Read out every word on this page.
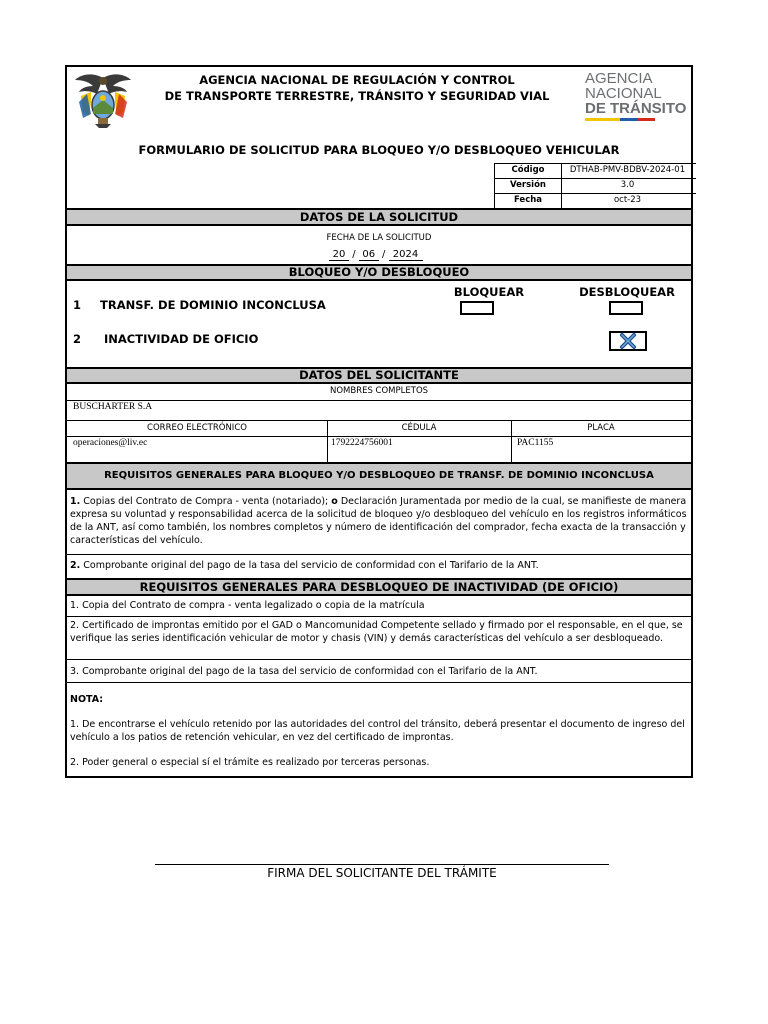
AGENCIA NACIONAL DE REGULACIÓN Y CONTROL
DE TRANSPORTE TERRESTRE, TRÁNSITO Y SEGURIDAD VIAL
AGENCIA
NACIONAL
DE TRÁNSITO
FORMULARIO DE SOLICITUD PARA BLOQUEO Y/O DESBLOQUEO VEHICULAR
Código	DTHAB-PMV-BDBV-2024-01
Versión	3.0
Fecha	oct-23
DATOS DE LA SOLICITUD
FECHA DE LA SOLICITUD
20 / 06 / 2024
BLOQUEO Y/O DESBLOQUEO
BLOQUEAR	DESBLOQUEAR
1 TRANSF. DE DOMINIO INCONCLUSA
2 INACTIVIDAD DE OFICIO
DATOS DEL SOLICITANTE
NOMBRES COMPLETOS
BUSCHARTER S.A
CORREO ELECTRÓNICO	CÉDULA	PLACA
operaciones@liv.ec	1792224756001	PAC1155
REQUISITOS GENERALES PARA BLOQUEO Y/O DESBLOQUEO DE TRANSF. DE DOMINIO INCONCLUSA
1. Copias del Contrato de Compra - venta (notariado); o Declaración Juramentada por medio de la cual, se manifieste de manera expresa su voluntad y responsabilidad acerca de la solicitud de bloqueo y/o desbloqueo del vehículo en los registros informáticos de la ANT, así como también, los nombres completos y número de identificación del comprador, fecha exacta de la transacción y características del vehículo.
2. Comprobante original del pago de la tasa del servicio de conformidad con el Tarifario de la ANT.
REQUISITOS GENERALES PARA DESBLOQUEO DE INACTIVIDAD (DE OFICIO)
1. Copia del Contrato de compra - venta legalizado o copia de la matrícula
2. Certificado de improntas emitido por el GAD o Mancomunidad Competente sellado y firmado por el responsable, en el que, se verifique las series identificación vehicular de motor y chasis (VIN) y demás características del vehículo a ser desbloqueado.
3. Comprobante original del pago de la tasa del servicio de conformidad con el Tarifario de la ANT.
NOTA:
1. De encontrarse el vehículo retenido por las autoridades del control del tránsito, deberá presentar el documento de ingreso del vehículo a los patios de retención vehicular, en vez del certificado de improntas.
2. Poder general o especial sí el trámite es realizado por terceras personas.
FIRMA DEL SOLICITANTE DEL TRÁMITE
